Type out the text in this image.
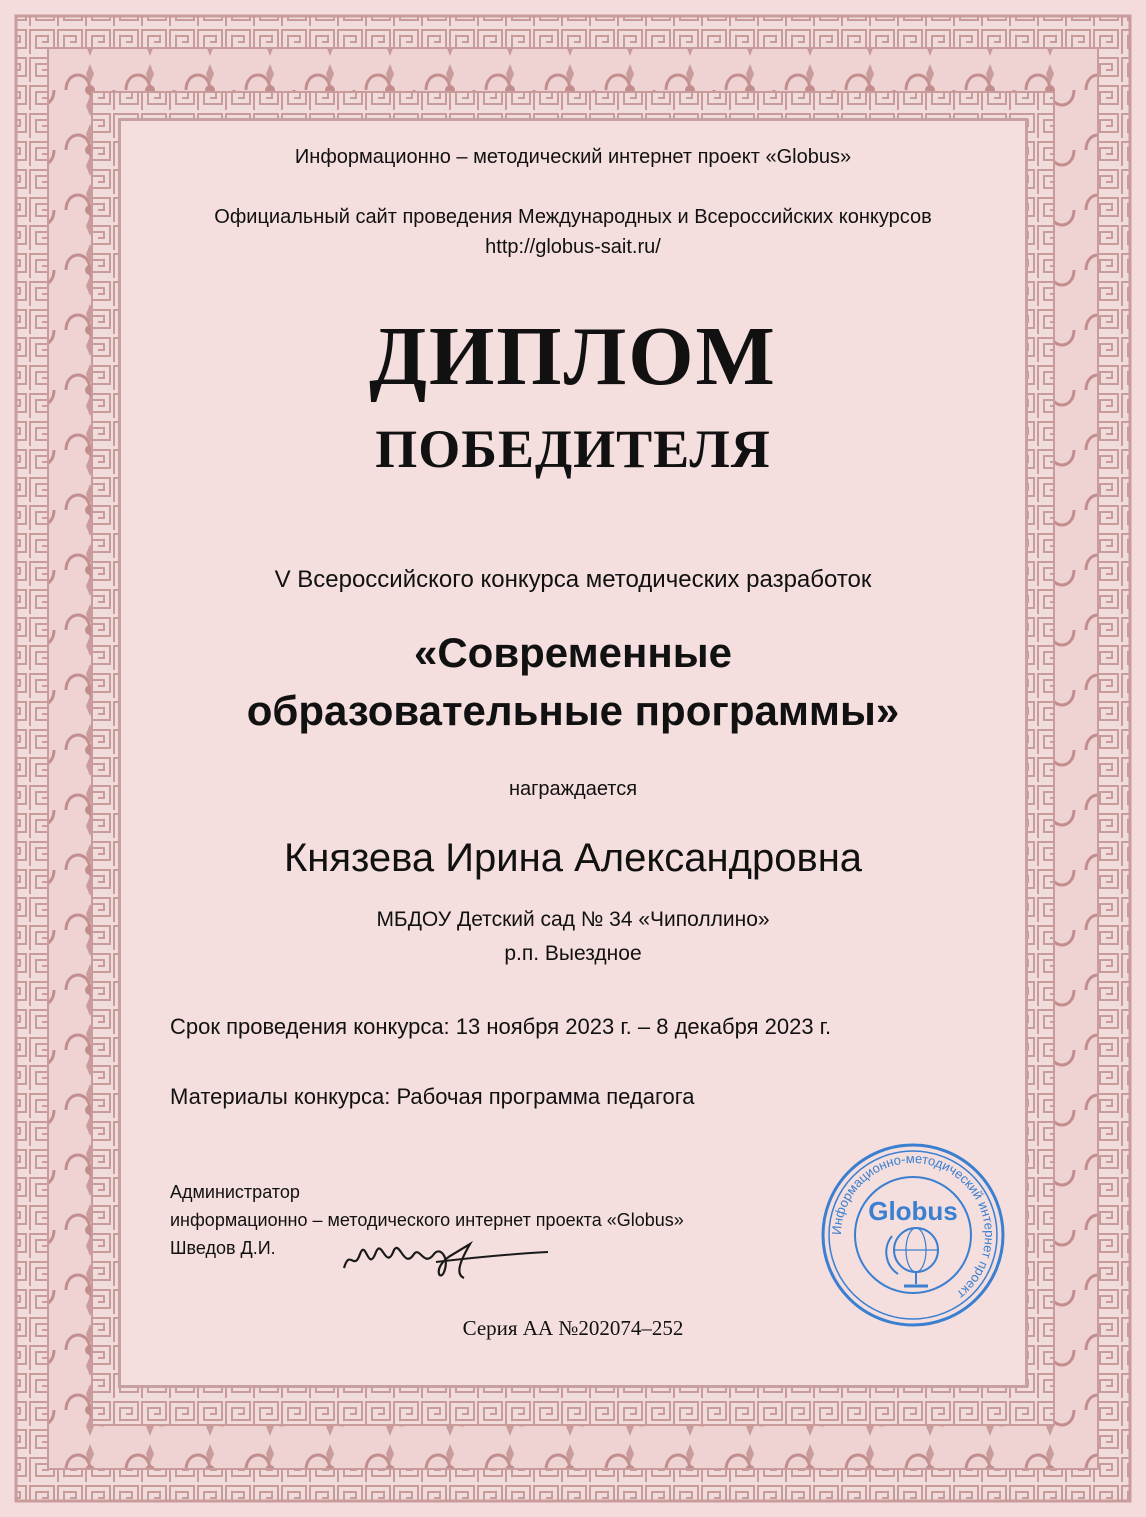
Информационно – методический интернет проект «Globus»

Официальный сайт проведения Международных и Всероссийских конкурсов

http://globus-sait.ru/

ДИПЛОМ

ПОБЕДИТЕЛЯ

V Всероссийского конкурса методических разработок

«Современные
образовательные программы»

награждается

Князева Ирина Александровна

МБДОУ Детский сад № 34 «Чиполлино»

р.п. Выездное

Срок проведения конкурса: 13 ноября 2023 г. – 8 декабря 2023 г.

Материалы конкурса: Рабочая программа педагога

Администратор

информационно – методического интернет проекта «Globus»

Шведов Д.И.

Информационно-методический интернет проект
Globus

Серия АА №202074–252
